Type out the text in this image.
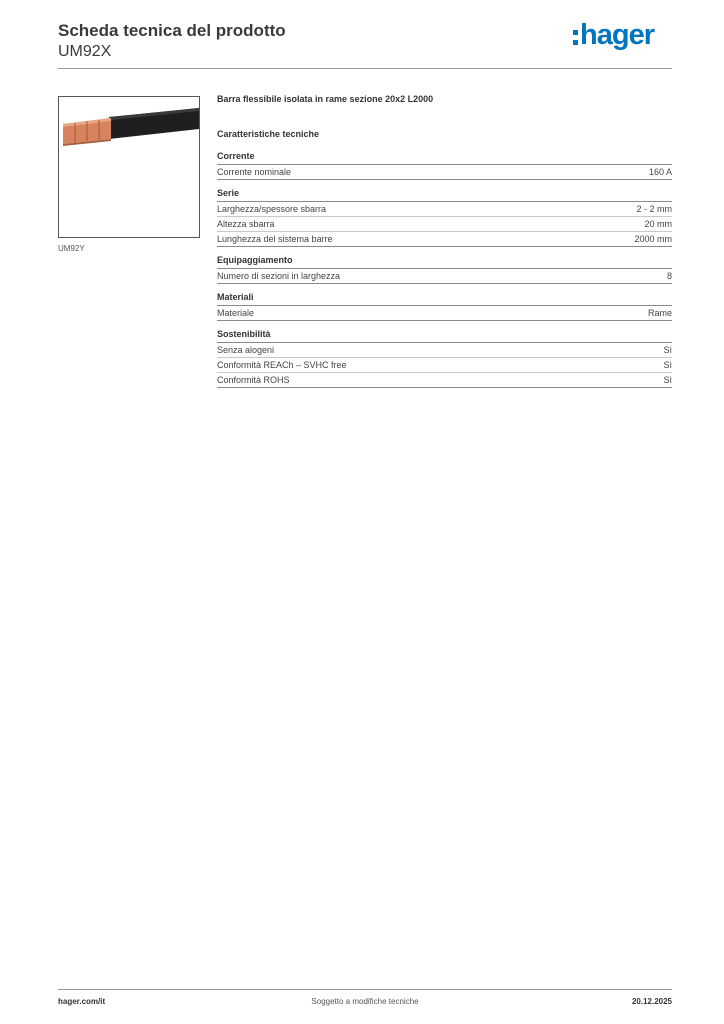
Scheda tecnica del prodotto
UM92X
hager
UM92Y
Barra flessibile isolata in rame sezione 20x2 L2000
Caratteristiche tecniche
Corrente
Corrente nominale	160 A
Serie
Larghezza/spessore sbarra	2 - 2 mm
Altezza sbarra	20 mm
Lunghezza del sistema barre	2000 mm
Equipaggiamento
Numero di sezioni in larghezza	8
Materiali
Materiale	Rame
Sostenibilità
Senza alogeni	Sì
Conformità REACh – SVHC free	Sì
Conformità ROHS	Sì
hager.com/it	Soggetto a modifiche tecniche	20.12.2025
